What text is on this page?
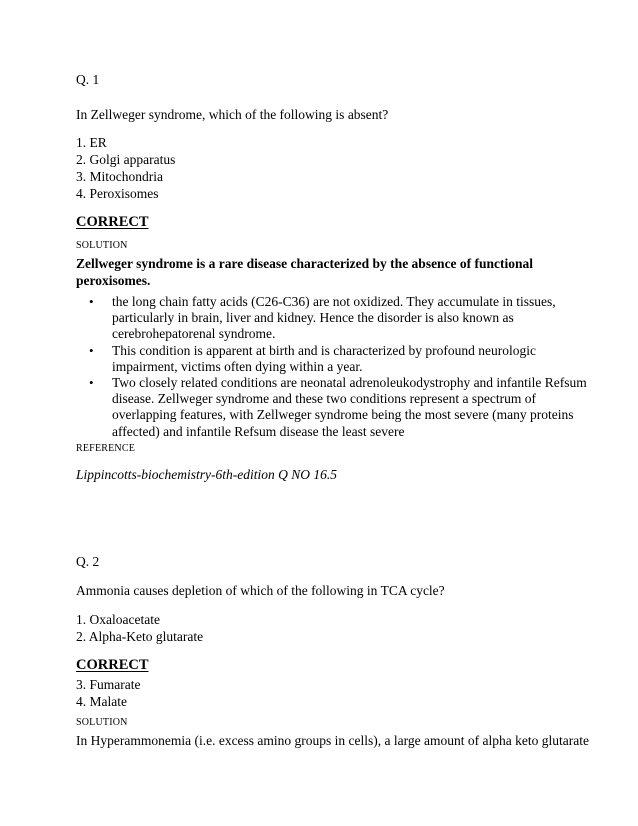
Q. 1
In Zellweger syndrome, which of the following is absent?
1. ER
2. Golgi apparatus
3. Mitochondria
4. Peroxisomes
CORRECT
SOLUTION
Zellweger syndrome is a rare disease characterized by the absence of functional
peroxisomes.
• the long chain fatty acids (C26-C36) are not oxidized. They accumulate in tissues,
particularly in brain, liver and kidney. Hence the disorder is also known as
cerebrohepatorenal syndrome.
• This condition is apparent at birth and is characterized by profound neurologic
impairment, victims often dying within a year.
• Two closely related conditions are neonatal adrenoleukodystrophy and infantile Refsum
disease. Zellweger syndrome and these two conditions represent a spectrum of
overlapping features, with Zellweger syndrome being the most severe (many proteins
affected) and infantile Refsum disease the least severe
REFERENCE
Lippincotts-biochemistry-6th-edition Q NO 16.5
Q. 2
Ammonia causes depletion of which of the following in TCA cycle?
1. Oxaloacetate
2. Alpha-Keto glutarate
CORRECT
3. Fumarate
4. Malate
SOLUTION
In Hyperammonemia (i.e. excess amino groups in cells), a large amount of alpha keto glutarate
